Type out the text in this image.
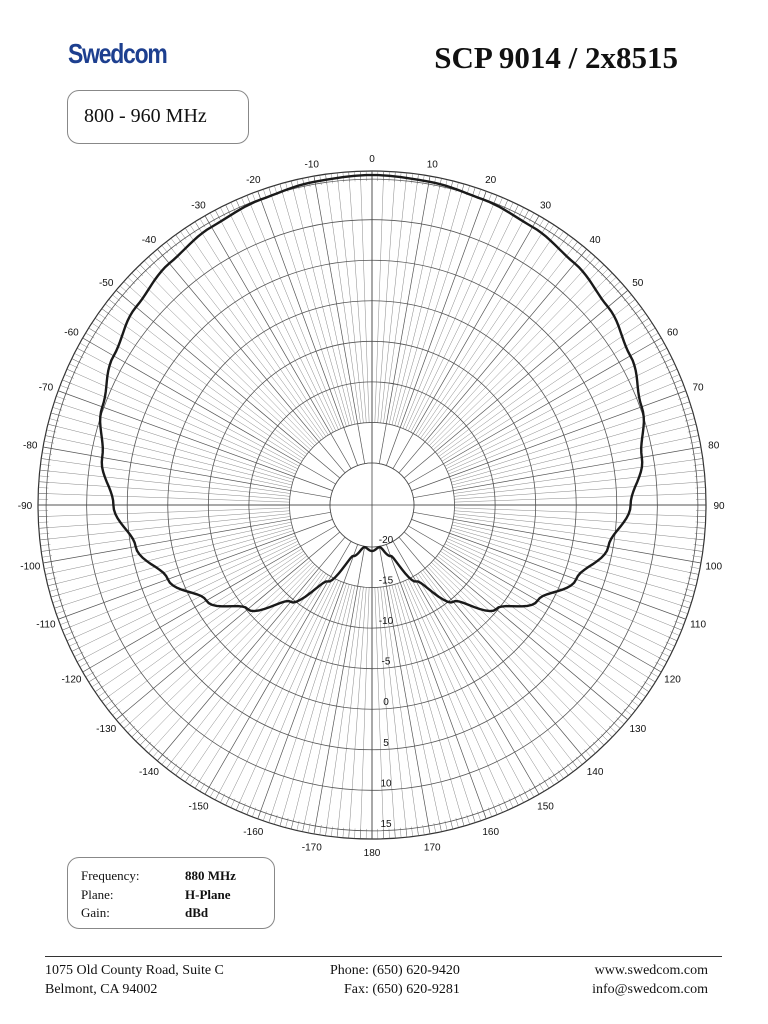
Swedcom	SCP 9014 / 2x8515
800 - 960 MHz
0	10
20
30
40
50
60
70
80
90
100
110
120
130
140
150
160
170
180
-170
-160
-150
-140
-130
-120
-110
-100
-90
-80
-70
-60
-50
-40
-30
-20
-10
-20
-15
-10
-5
0
5
10
15
Frequency:	880 MHz
Plane:	H-Plane
Gain:	dBd
1075 Old County Road, Suite C
Belmont, CA 94002
Phone: (650) 620-9420
Fax: (650) 620-9281
www.swedcom.com
info@swedcom.com
